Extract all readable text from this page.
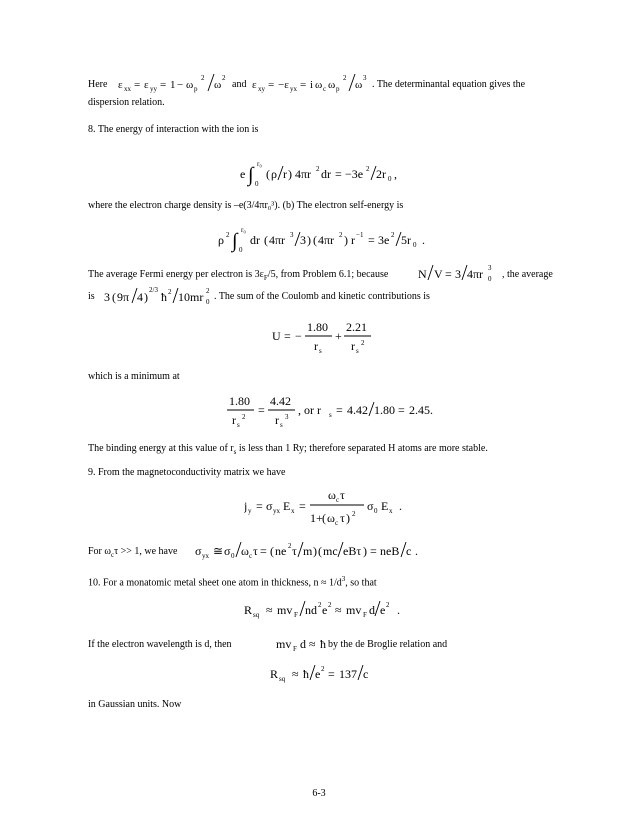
Here ε xx = ε yy = 1 − ω p
2
ω
2
and ε xy = −ε yx = i ω c ω p
2
ω
3
. The determinantal equation gives the
dispersion relation.
8. The energy of interaction with the ion is
e ∫ r₀
0
( ρ r ) 4πr 2 dr = −3e 2 2r 0 ,
where the electron charge density is –e(3/4πr₀³). (b) The electron self-energy is
ρ 2 ∫ r₀
0
dr ( 4πr 3 3 ) ( 4πr 2 ) r −1 = 3e 2 5r 0 .
The average Fermi energy per electron is $3\varepsilon_F/5$, from Problem 6.1; because N V = 3 4πr 0
3
, the average
is 3 ( 9π 4 ) 2/3 ħ 2 10mr 0
2 . The sum of the Coulomb and kinetic contributions is
U = −
1.80
r s
+
2.21
r s
2
which is a minimum at
1.80
r s
2 =
4.42
r s
3 , or r s = 4.42 1.80 = 2.45.
The binding energy at this value of $r_s$ is less than 1 Ry; therefore separated H atoms are more stable.
9. From the magnetoconductivity matrix we have
j y = σ yx E x =
ω c τ
1+ ( ω c τ ) 2
σ 0 E x .
For $\omega_c\tau >> 1$, we have σ yx ≅ σ 0 ω c τ = ( ne 2 τ m ) ( mc eBτ ) = neB c .
10. For a monatomic metal sheet one atom in thickness, $n \approx 1/d^3$, so that
R sq ≈ mv F nd 2 e 2 ≈ mv F d e 2 .
If the electron wavelength is d, then	mv F d ≈ ħ by the de Broglie relation and
R sq ≈ ħ e 2 = 137 c
in Gaussian units. Now
6-3
